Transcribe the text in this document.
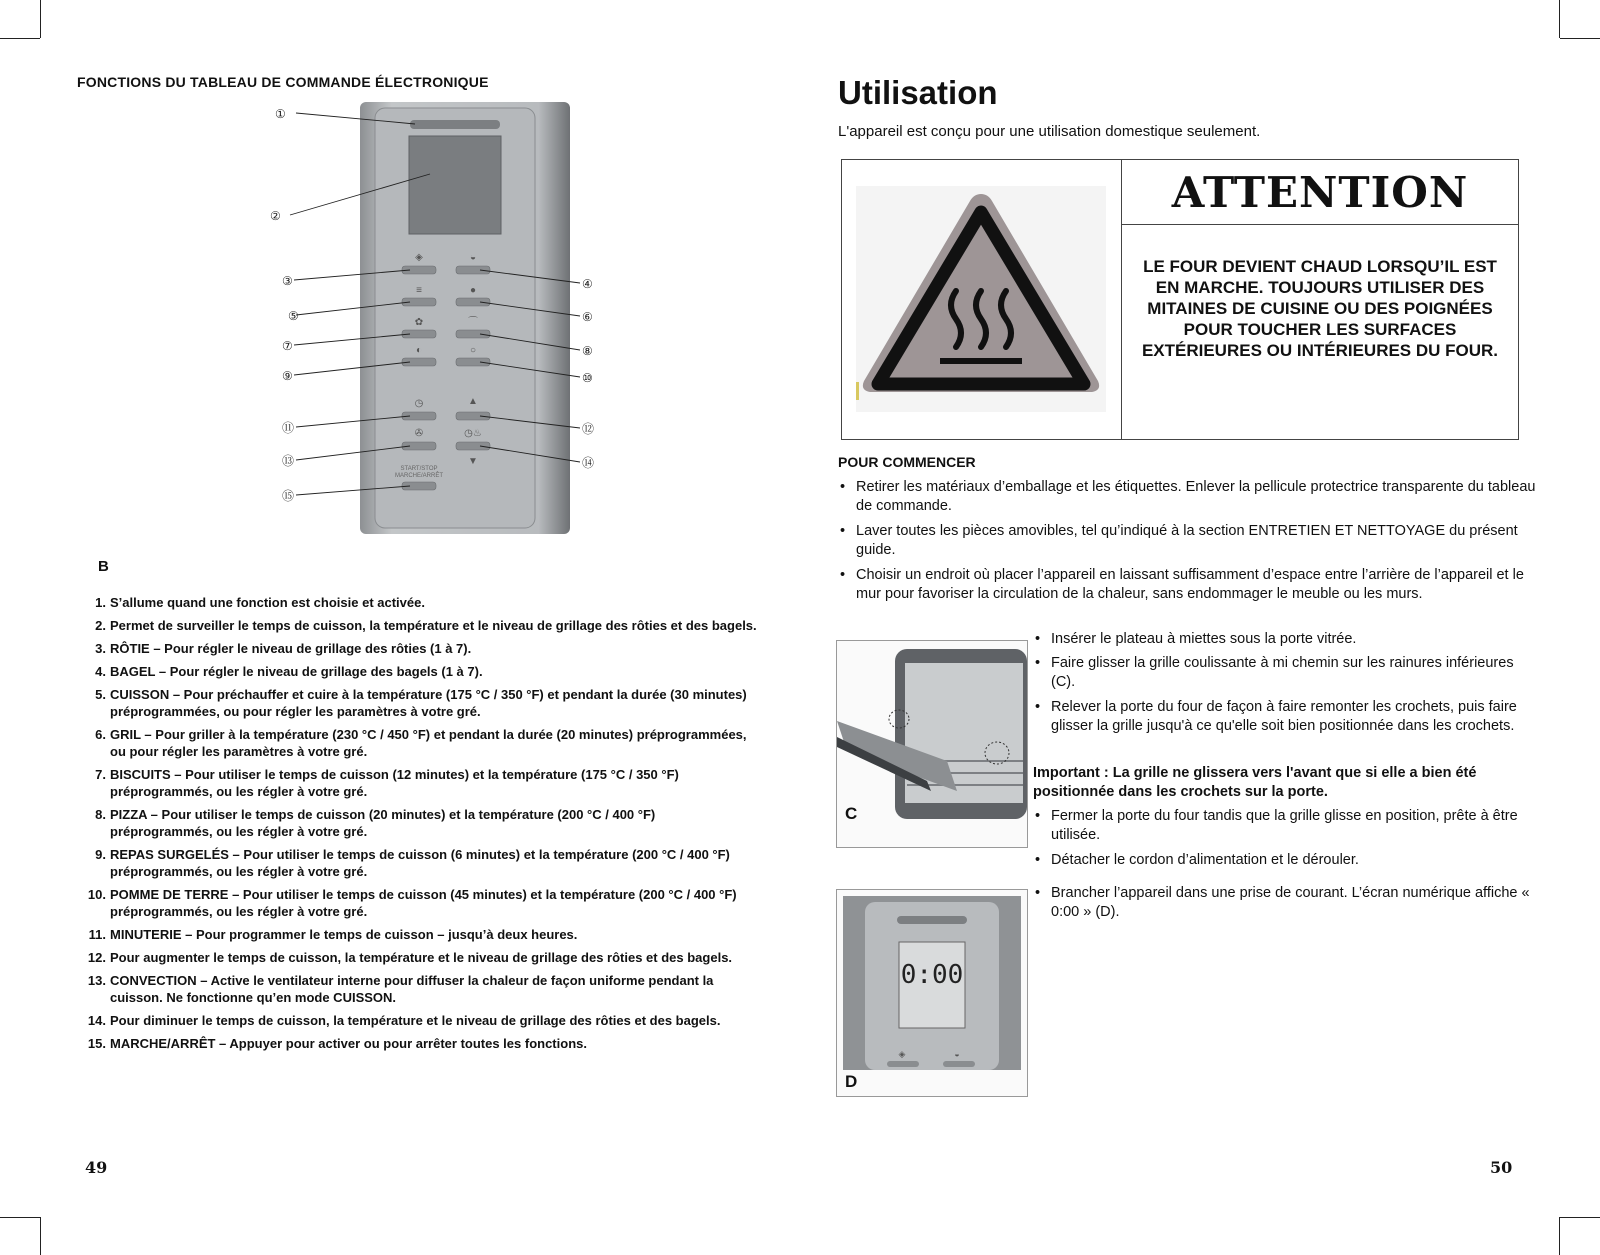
FONCTIONS DU TABLEAU DE COMMANDE ÉLECTRONIQUE
◈	◒
≡	●
✿	⌒
◐	○
◷	▲
✇	◷♨
▼
START/STOP
MARCHE/ARRÊT
①
②
③	④
⑤	⑥
⑦	⑧
⑨	⑩
⑪	⑫
⑬	⑭
⑮
B
1. S’allume quand une fonction est choisie et activée.
2. Permet de surveiller le temps de cuisson, la température et le niveau de grillage des rôties et des bagels.
3. RÔTIE – Pour régler le niveau de grillage des rôties (1 à 7).
4. BAGEL – Pour régler le niveau de grillage des bagels (1 à 7).
5. CUISSON – Pour préchauffer et cuire à la température (175 °C / 350 °F) et pendant la durée (30 minutes) préprogrammées, ou pour régler les paramètres à votre gré.
6. GRIL – Pour griller à la température (230 °C / 450 °F) et pendant la durée (20 minutes) préprogrammées, ou pour régler les paramètres à votre gré.
7. BISCUITS – Pour utiliser le temps de cuisson (12 minutes) et la température (175 °C / 350 °F) préprogrammés, ou les régler à votre gré.
8. PIZZA – Pour utiliser le temps de cuisson (20 minutes) et la température (200 °C / 400 °F) préprogrammés, ou les régler à votre gré.
9. REPAS SURGELÉS – Pour utiliser le temps de cuisson (6 minutes) et la température (200 °C / 400 °F) préprogrammés, ou les régler à votre gré.
10. POMME DE TERRE – Pour utiliser le temps de cuisson (45 minutes) et la température (200 °C / 400 °F) préprogrammés, ou les régler à votre gré.
11. MINUTERIE – Pour programmer le temps de cuisson – jusqu’à deux heures.
12. Pour augmenter le temps de cuisson, la température et le niveau de grillage des rôties et des bagels.
13. CONVECTION – Active le ventilateur interne pour diffuser la chaleur de façon uniforme pendant la cuisson. Ne fonctionne qu’en mode CUISSON.
14. Pour diminuer le temps de cuisson, la température et le niveau de grillage des rôties et des bagels.
15. MARCHE/ARRÊT – Appuyer pour activer ou pour arrêter toutes les fonctions.
49
Utilisation
L'appareil est conçu pour une utilisation domestique seulement.
ATTENTION
LE FOUR DEVIENT CHAUD LORSQU’IL EST EN MARCHE. TOUJOURS UTILISER DES MITAINES DE CUISINE OU DES POIGNÉES POUR TOUCHER LES SURFACES EXTÉRIEURES OU INTÉRIEURES DU FOUR.
POUR COMMENCER
• Retirer les matériaux d’emballage et les étiquettes. Enlever la pellicule protectrice transparente du tableau de commande.
• Laver toutes les pièces amovibles, tel qu’indiqué à la section ENTRETIEN ET NETTOYAGE du présent guide.
• Choisir un endroit où placer l’appareil en laissant suffisamment d’espace entre l’arrière de l’appareil et le mur pour favoriser la circulation de la chaleur, sans endommager le meuble ou les murs.
• Insérer le plateau à miettes sous la porte vitrée.
• Faire glisser la grille coulissante à mi chemin sur les rainures inférieures (C).
• Relever la porte du four de façon à faire remonter les crochets, puis faire glisser la grille jusqu'à ce qu'elle soit bien positionnée dans les crochets.
Important : La grille ne glissera vers l'avant que si elle a bien été positionnée dans les crochets sur la porte.
• Fermer la porte du four tandis que la grille glisse en position, prête à être utilisée.
• Détacher le cordon d’alimentation et le dérouler.
• Brancher l’appareil dans une prise de courant. L’écran numérique affiche « 0:00 » (D).
C
◈	◒
0:00
D
50
